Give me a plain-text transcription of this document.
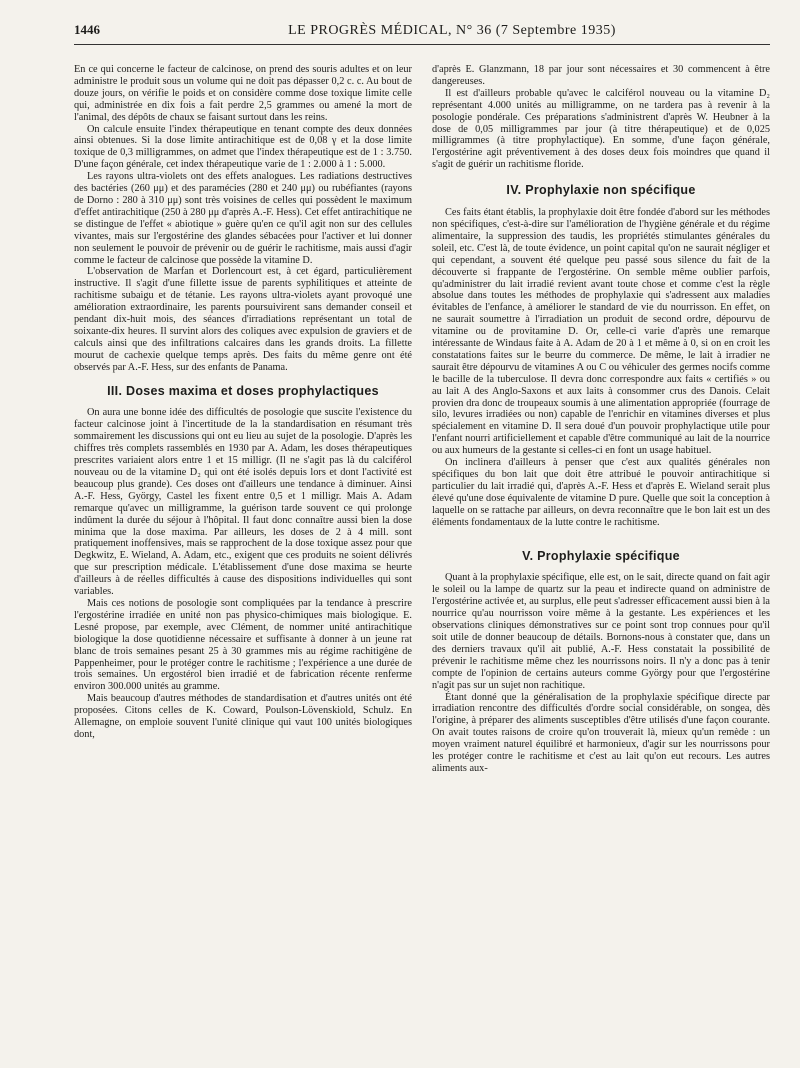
1446	LE PROGRÈS MÉDICAL, N° 36 (7 Septembre 1935)

En ce qui concerne le facteur de calcinose, on prend des souris adultes et on leur administre le produit sous un volume qui ne doit pas dépasser 0,2 c. c. Au bout de douze jours, on vérifie le poids et on considère comme dose toxique limite celle qui, administrée en dix fois a fait perdre 2,5 grammes ou amené la mort de l'animal, des dépôts de chaux se faisant surtout dans les reins.

On calcule ensuite l'index thérapeutique en tenant compte des deux données ainsi obtenues. Si la dose limite antirachitique est de 0,08 γ et la dose limite toxique de 0,3 milligrammes, on admet que l'index thérapeutique est de 1 : 3.750. D'une façon générale, cet index thérapeutique varie de 1 : 2.000 à 1 : 5.000.

Les rayons ultra-violets ont des effets analogues. Les radiations destructives des bactéries (260 μμ) et des paramécies (280 et 240 μμ) ou rubéfiantes (rayons de Dorno : 280 à 310 μμ) sont très voisines de celles qui possèdent le maximum d'effet antirachitique (250 à 280 μμ d'après A.-F. Hess). Cet effet antirachitique ne se distingue de l'effet « abiotique » guère qu'en ce qu'il agit non sur des cellules vivantes, mais sur l'ergostérine des glandes sébacées pour l'activer et lui donner non seulement le pouvoir de prévenir ou de guérir le rachitisme, mais aussi d'agir comme le facteur de calcinose que possède la vitamine D.

L'observation de Marfan et Dorlencourt est, à cet égard, particulièrement instructive. Il s'agit d'une fillette issue de parents syphilitiques et atteinte de rachitisme subaigu et de tétanie. Les rayons ultra-violets ayant provoqué une amélioration extraordinaire, les parents poursuivirent sans demander conseil et pendant dix-huit mois, des séances d'irradiations représentant un total de soixante-dix heures. Il survint alors des coliques avec expulsion de graviers et de calculs ainsi que des infiltrations calcaires dans les grands droits. La fillette mourut de cachexie quelque temps après. Des faits du même genre ont été observés par A.-F. Hess, sur des enfants de Panama.

III. Doses maxima et doses prophylactiques

On aura une bonne idée des difficultés de posologie que suscite l'existence du facteur calcinose joint à l'incertitude de la la standardisation en résumant très sommairement les discussions qui ont eu lieu au sujet de la posologie. D'après les chiffres très complets rassemblés en 1930 par A. Adam, les doses thérapeutiques prescrites variaient alors entre 1 et 15 milligr. (Il ne s'agit pas là du calciférol nouveau ou de la vitamine D₂ qui ont été isolés depuis lors et dont l'activité est beaucoup plus grande). Ces doses ont d'ailleurs une tendance à diminuer. Ainsi A.-F. Hess, György, Castel les fixent entre 0,5 et 1 milligr. Mais A. Adam remarque qu'avec un milligramme, la guérison tarde souvent ce qui prolonge indûment la durée du séjour à l'hôpital. Il faut donc connaître aussi bien la dose minima que la dose maxima. Par ailleurs, les doses de 2 à 4 mill. sont pratiquement inoffensives, mais se rapprochent de la dose toxique assez pour que Degkwitz, E. Wieland, A. Adam, etc., exigent que ces produits ne soient délivrés que sur prescription médicale. L'établissement d'une dose maxima se heurte d'ailleurs à de réelles difficultés à cause des dispositions individuelles qui sont variables.

Mais ces notions de posologie sont compliquées par la tendance à prescrire l'ergostérine irradiée en unité non pas physico-chimiques mais biologique. E. Lesné propose, par exemple, avec Clément, de nommer unité antirachitique biologique la dose quotidienne nécessaire et suffisante à donner à un jeune rat blanc de trois semaines pesant 25 à 30 grammes mis au régime rachitigène de Pappenheimer, pour le protéger contre le rachitisme ; l'expérience a une durée de trois semaines. Un ergostérol bien irradié et de fabrication récente renferme environ 300.000 unités au gramme.

Mais beaucoup d'autres méthodes de standardisation et d'autres unités ont été proposées. Citons celles de K. Coward, Poulson-Lövenskiold, Schulz. En Allemagne, on emploie souvent l'unité clinique qui vaut 100 unités biologiques dont,

d'après E. Glanzmann, 18 par jour sont nécessaires et 30 commencent à être dangereuses.

Il est d'ailleurs probable qu'avec le calciférol nouveau ou la vitamine D₂ représentant 4.000 unités au milligramme, on ne tardera pas à revenir à la posologie pondérale. Ces préparations s'administrent d'après W. Heubner à la dose de 0,05 milligrammes par jour (à titre thérapeutique) et de 0,025 milligrammes (à titre prophylactique). En somme, d'une façon générale, l'ergostérine agit préventivement à des doses deux fois moindres que quand il s'agit de guérir un rachitisme floride.

IV. Prophylaxie non spécifique

Ces faits étant établis, la prophylaxie doit être fondée d'abord sur les méthodes non spécifiques, c'est-à-dire sur l'amélioration de l'hygiène générale et du régime alimentaire, la suppression des taudis, les propriétés stimulantes générales du soleil, etc. C'est là, de toute évidence, un point capital qu'on ne saurait négliger et qui cependant, a souvent été quelque peu passé sous silence du fait de la découverte si frappante de l'ergostérine. On semble même oublier parfois, qu'administrer du lait irradié revient avant toute chose et comme c'est la règle absolue dans toutes les méthodes de prophylaxie qui s'adressent aux maladies évitables de l'enfance, à améliorer le standard de vie du nourrisson. En effet, on ne saurait soumettre à l'irradiation un produit de second ordre, dépourvu de vitamine ou de provitamine D. Or, celle-ci varie d'après une remarque intéressante de Windaus faite à A. Adam de 20 à 1 et même à 0, si on en croit les constatations faites sur le beurre du commerce. De même, le lait à irradier ne saurait être dépourvu de vitamines A ou C ou véhiculer des germes nocifs comme le bacille de la tuberculose. Il devra donc correspondre aux faits « certifiés » ou au lait A des Anglo-Saxons et aux laits à consommer crus des Danois. Celait provien dra donc de troupeaux soumis à une alimentation appropriée (fourrage de silo, levures irradiées ou non) capable de l'enrichir en vitamines diverses et plus spécialement en vitamine D. Il sera doué d'un pouvoir prophylactique utile pour l'enfant nourri artificiellement et capable d'être communiqué au lait de la nourrice ou aux humeurs de la gestante si celles-ci en font un usage habituel.

On inclinera d'ailleurs à penser que c'est aux qualités générales non spécifiques du bon lait que doit être attribué le pouvoir antirachitique si particulier du lait irradié qui, d'après A.-F. Hess et d'après E. Wieland serait plus élevé qu'une dose équivalente de vitamine D pure. Quelle que soit la conception à laquelle on se rattache par ailleurs, on devra reconnaître que le bon lait est un des éléments fondamentaux de la lutte contre le rachitisme.

V. Prophylaxie spécifique

Quant à la prophylaxie spécifique, elle est, on le sait, directe quand on fait agir le soleil ou la lampe de quartz sur la peau et indirecte quand on administre de l'ergostérine activée et, au surplus, elle peut s'adresser efficacement aussi bien à la nourrice qu'au nourrisson voire même à la gestante. Les expériences et les observations cliniques démonstratives sur ce point sont trop connues pour qu'il soit utile de donner beaucoup de détails. Bornons-nous à constater que, dans un des derniers travaux qu'il ait publié, A.-F. Hess constatait la possibilité de prévenir le rachitisme même chez les nourrissons noirs. Il n'y a donc pas à tenir compte de l'opinion de certains auteurs comme György pour que l'ergostérine n'agit pas sur un sujet non rachitique.

Étant donné que la généralisation de la prophylaxie spécifique directe par irradiation rencontre des difficultés d'ordre social considérable, on songea, dès l'origine, à préparer des aliments susceptibles d'être utilisés d'une façon courante. On avait toutes raisons de croire qu'on trouverait là, mieux qu'un remède : un moyen vraiment naturel équilibré et harmonieux, d'agir sur les nourrissons pour les protéger contre le rachitisme et c'est au lait qu'on eut recours. Les autres aliments aux-
